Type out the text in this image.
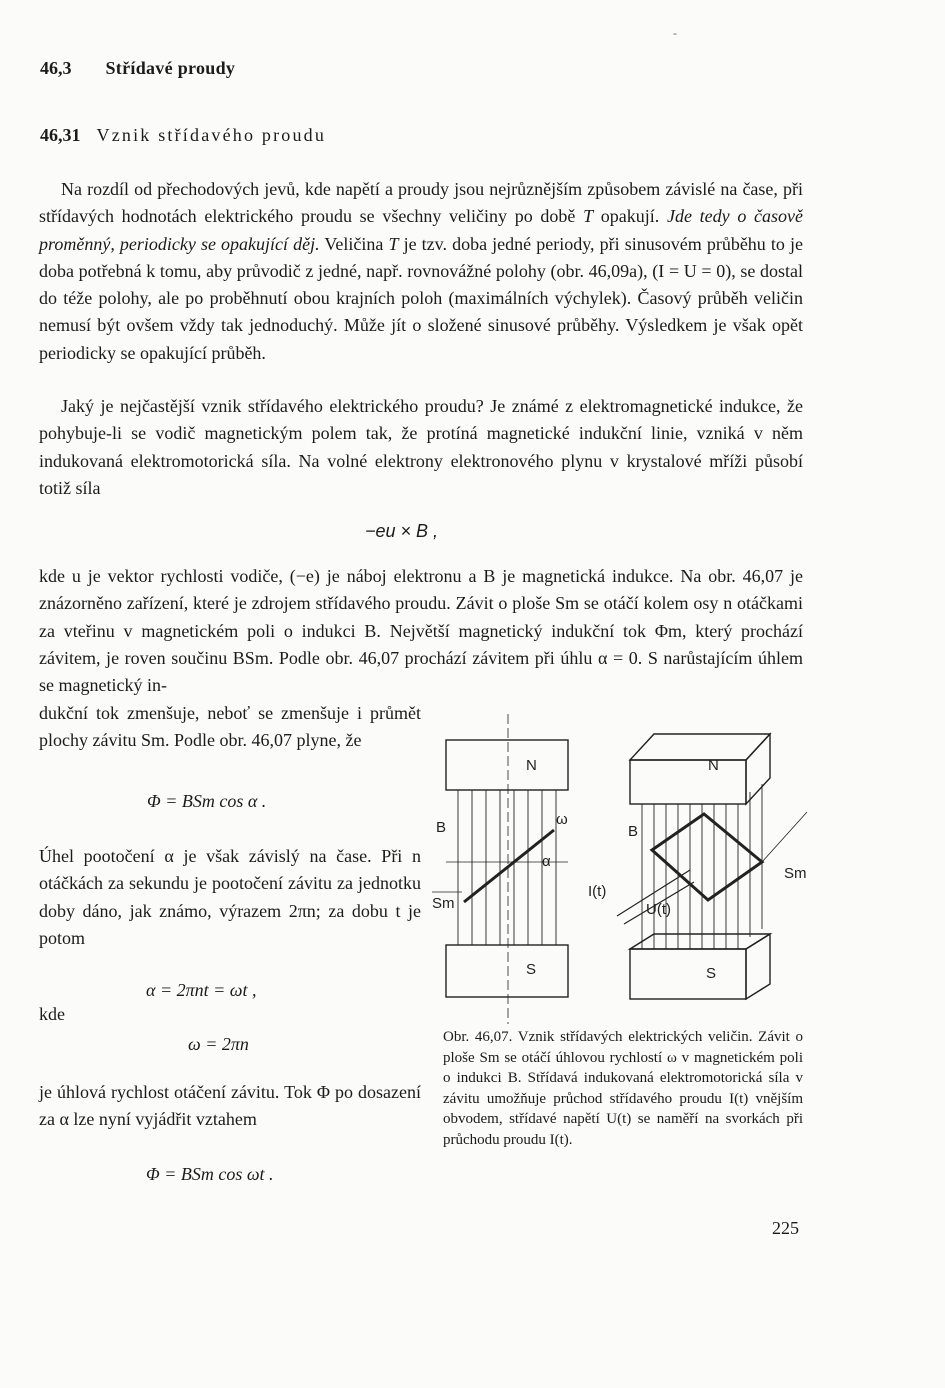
-
46,3 Střídavé proudy
46,31 Vznik střídavého proudu
Na rozdíl od přechodových jevů, kde napětí a proudy jsou nejrůznějším způsobem závislé na čase, při střídavých hodnotách elektrického proudu se všechny veličiny po době T opakují. Jde tedy o časově proměnný, periodicky se opakující děj. Veličina T je tzv. doba jedné periody, při sinusovém průběhu to je doba potřebná k tomu, aby průvodič z jedné, např. rovnovážné polohy (obr. 46,09a), (I = U = 0), se dostal do téže polohy, ale po proběhnutí obou krajních poloh (maximálních výchylek). Časový průběh veličin nemusí být ovšem vždy tak jednoduchý. Může jít o složené sinusové průběhy. Výsledkem je však opět periodicky se opakující průběh.
Jaký je nejčastější vznik střídavého elektrického proudu? Je známé z elektromagnetické indukce, že pohybuje-li se vodič magnetickým polem tak, že protíná magnetické indukční linie, vzniká v něm indukovaná elektromotorická síla. Na volné elektrony elektronového plynu v krystalové mříži působí totiž síla
−eu × B ,
kde u je vektor rychlosti vodiče, (−e) je náboj elektronu a B je magnetická indukce. Na obr. 46,07 je znázorněno zařízení, které je zdrojem střídavého proudu. Závit o ploše Sm se otáčí kolem osy n otáčkami za vteřinu v magnetickém poli o indukci B. Největší magnetický indukční tok Φm, který prochází závitem, je roven součinu BSm. Podle obr. 46,07 prochází závitem při úhlu α = 0. S narůstajícím úhlem se magnetický in-
dukční tok zmenšuje, neboť se zmenšuje i průmět plochy závitu Sm. Podle obr. 46,07 plyne, že
Φ = BSm cos α .
Úhel pootočení α je však závislý na čase. Při n otáčkách za sekundu je pootočení závitu za jednotku doby dáno, jak známo, výrazem 2πn; za dobu t je potom
α = 2πnt = ωt ,
kde
ω = 2πn
je úhlová rychlost otáčení závitu. Tok Φ po dosazení za α lze nyní vyjádřit vztahem
Φ = BSm cos ωt .
N
S
B	ω
α
Sm
N
S
B
Sm
I(t)
U(t)
Obr. 46,07. Vznik střídavých elektrických veličin. Závit o ploše Sm se otáčí úhlovou rychlostí ω v magnetickém poli o indukci B. Střídavá indukovaná elektromotorická síla v závitu umožňuje průchod střídavého proudu I(t) vnějším obvodem, střídavé napětí U(t) se naměří na svorkách při průchodu proudu I(t).
225
